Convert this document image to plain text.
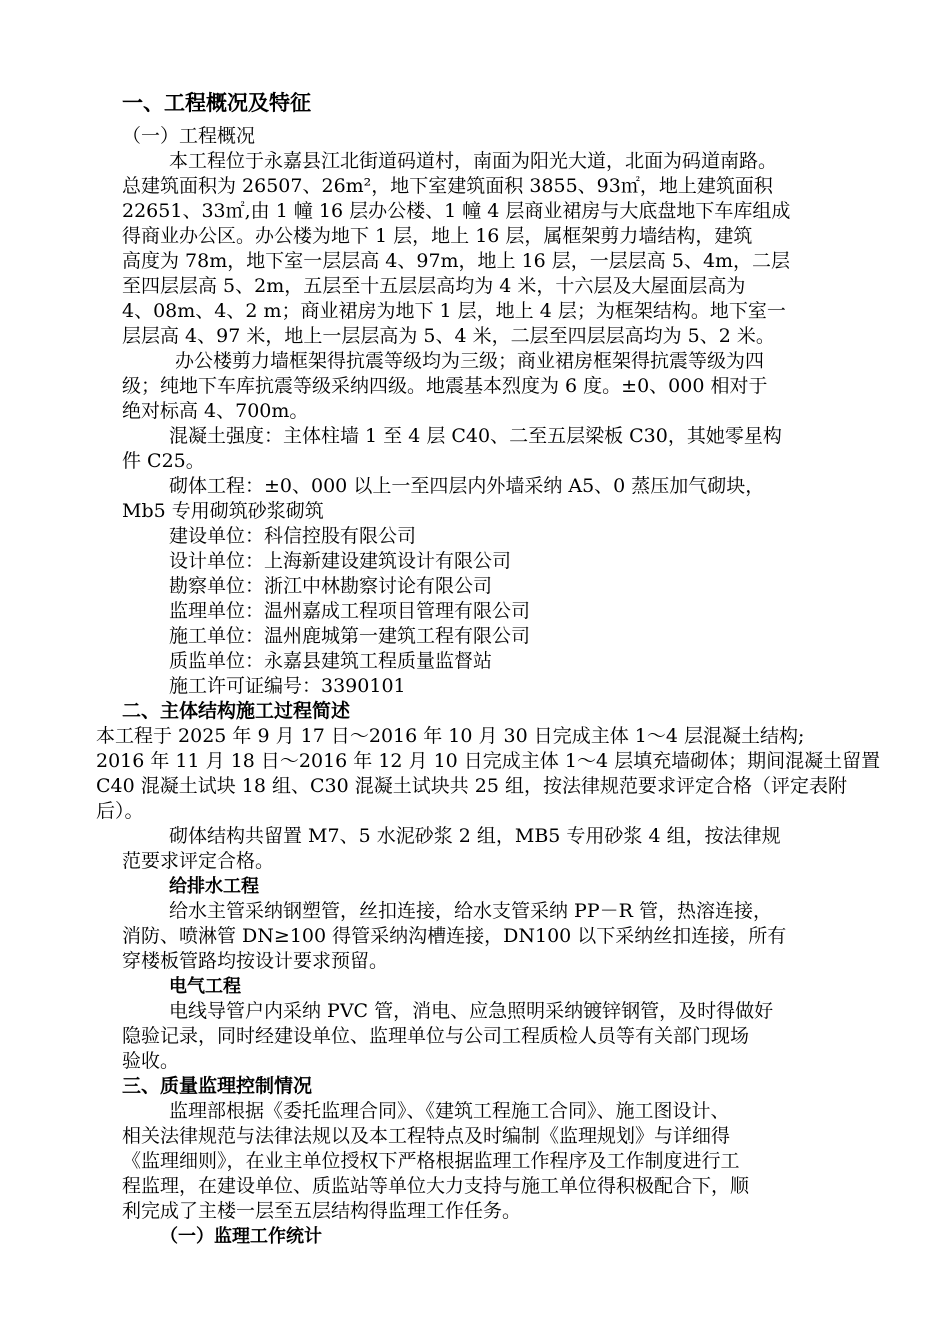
一、工程概况及特征
（一）工程概况
本工程位于永嘉县江北街道码道村，南面为阳光大道，北面为码道南路。
总建筑面积为 26507、26m²，地下室建筑面积 3855、93㎡，地上建筑面积
22651、33㎡,由 1 幢 16 层办公楼、1 幢 4 层商业裙房与大底盘地下车库组成
得商业办公区。办公楼为地下 1 层，地上 16 层，属框架剪力墙结构，建筑
高度为 78m，地下室一层层高 4、97m，地上 16 层，一层层高 5、4m，二层
至四层层高 5、2m，五层至十五层层高均为 4 米，十六层及大屋面层高为
4、08m、4、2 m；商业裙房为地下 1 层，地上 4 层；为框架结构。地下室一
层层高 4、97 米，地上一层层高为 5、4 米，二层至四层层高均为 5、2 米。
办公楼剪力墙框架得抗震等级均为三级；商业裙房框架得抗震等级为四
级；纯地下车库抗震等级采纳四级。地震基本烈度为 6 度。±0、000 相对于
绝对标高 4、700m。
混凝土强度：主体柱墙 1 至 4 层 C40、二至五层梁板 C30，其她零星构
件 C25。
砌体工程：±0、000 以上一至四层内外墙采纳 A5、0 蒸压加气砌块，
Mb5 专用砌筑砂浆砌筑
建设单位：科信控股有限公司
设计单位：上海新建设建筑设计有限公司
勘察单位：浙江中林勘察讨论有限公司
监理单位：温州嘉成工程项目管理有限公司
施工单位：温州鹿城第一建筑工程有限公司
质监单位：永嘉县建筑工程质量监督站
施工许可证编号：3390101
二、主体结构施工过程简述
本工程于 2025 年 9 月 17 日～2016 年 10 月 30 日完成主体 1～4 层混凝土结构;
2016 年 11 月 18 日～2016 年 12 月 10 日完成主体 1～4 层填充墙砌体；期间混凝土留置
C40 混凝土试块 18 组、C30 混凝土试块共 25 组，按法律规范要求评定合格（评定表附
后）。
砌体结构共留置 M7、5 水泥砂浆 2 组，MB5 专用砂浆 4 组，按法律规
范要求评定合格。
给排水工程
给水主管采纳钢塑管，丝扣连接，给水支管采纳 PP－R 管，热溶连接，
消防、喷淋管 DN≥100 得管采纳沟槽连接，DN100 以下采纳丝扣连接，所有
穿楼板管路均按设计要求预留。
电气工程
电线导管户内采纳 PVC 管，消电、应急照明采纳镀锌钢管，及时得做好
隐验记录，同时经建设单位、监理单位与公司工程质检人员等有关部门现场
验收。
三、质量监理控制情况
监理部根据《委托监理合同》、《建筑工程施工合同》、施工图设计、
相关法律规范与法律法规以及本工程特点及时编制《监理规划》与详细得
《监理细则》，在业主单位授权下严格根据监理工作程序及工作制度进行工
程监理，在建设单位、质监站等单位大力支持与施工单位得积极配合下，顺
利完成了主楼一层至五层结构得监理工作任务。
（一）监理工作统计
